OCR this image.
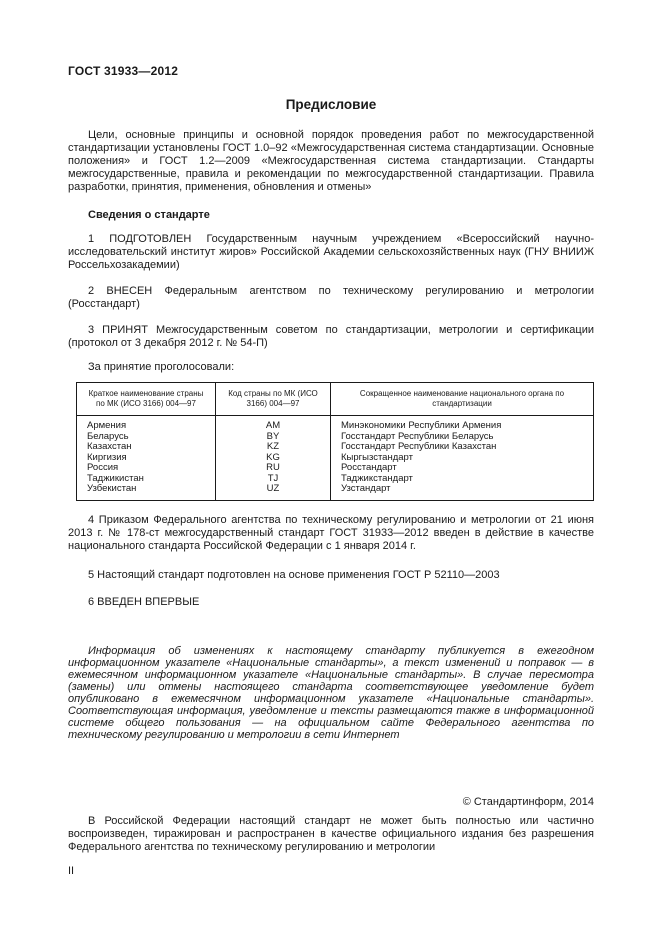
ГОСТ 31933—2012
Предисловие

Цели, основные принципы и основной порядок проведения работ по межгосударственной стандартизации установлены ГОСТ 1.0–92 «Межгосударственная система стандартизации. Основные положения» и ГОСТ 1.2—2009 «Межгосударственная система стандартизации. Стандарты межгосударственные, правила и рекомендации по межгосударственной стандартизации. Правила разработки, принятия, применения, обновления и отмены»

Сведения о стандарте

1 ПОДГОТОВЛЕН Государственным научным учреждением «Всероссийский научно-исследовательский институт жиров» Российской Академии сельскохозяйственных наук (ГНУ ВНИИЖ Россельхозакадемии)

2 ВНЕСЕН Федеральным агентством по техническому регулированию и метрологии (Росстандарт)

3 ПРИНЯТ Межгосударственным советом по стандартизации, метрологии и сертификации (протокол от 3 декабря 2012 г. № 54-П)

За принятие проголосовали:

Краткое наименование страны по МК (ИСО 3166) 004—97	Код страны по МК (ИСО 3166) 004—97	Сокращенное наименование национального органа по стандартизации
Армения	AM	Минэкономики Республики Армения
Беларусь	BY	Госстандарт Республики Беларусь
Казахстан	KZ	Госстандарт Республики Казахстан
Киргизия	KG	Кыргызстандарт
Россия	RU	Росстандарт
Таджикистан	TJ	Таджикстандарт
Узбекистан	UZ	Узстандарт

4 Приказом Федерального агентства по техническому регулированию и метрологии от 21 июня 2013 г. № 178-ст межгосударственный стандарт ГОСТ 31933—2012 введен в действие в качестве национального стандарта Российской Федерации с 1 января 2014 г.

5 Настоящий стандарт подготовлен на основе применения ГОСТ Р 52110—2003

6 ВВЕДЕН ВПЕРВЫЕ

Информация об изменениях к настоящему стандарту публикуется в ежегодном информационном указателе «Национальные стандарты», а текст изменений и поправок — в ежемесячном информационном указателе «Национальные стандарты». В случае пересмотра (замены) или отмены настоящего стандарта соответствующее уведомление будет опубликовано в ежемесячном информационном указателе «Национальные стандарты». Соответствующая информация, уведомление и тексты размещаются также в информационной системе общего пользования — на официальном сайте Федерального агентства по техническому регулированию и метрологии в сети Интернет

© Стандартинформ, 2014

В Российской Федерации настоящий стандарт не может быть полностью или частично воспроизведен, тиражирован и распространен в качестве официального издания без разрешения Федерального агентства по техническому регулированию и метрологии

II
